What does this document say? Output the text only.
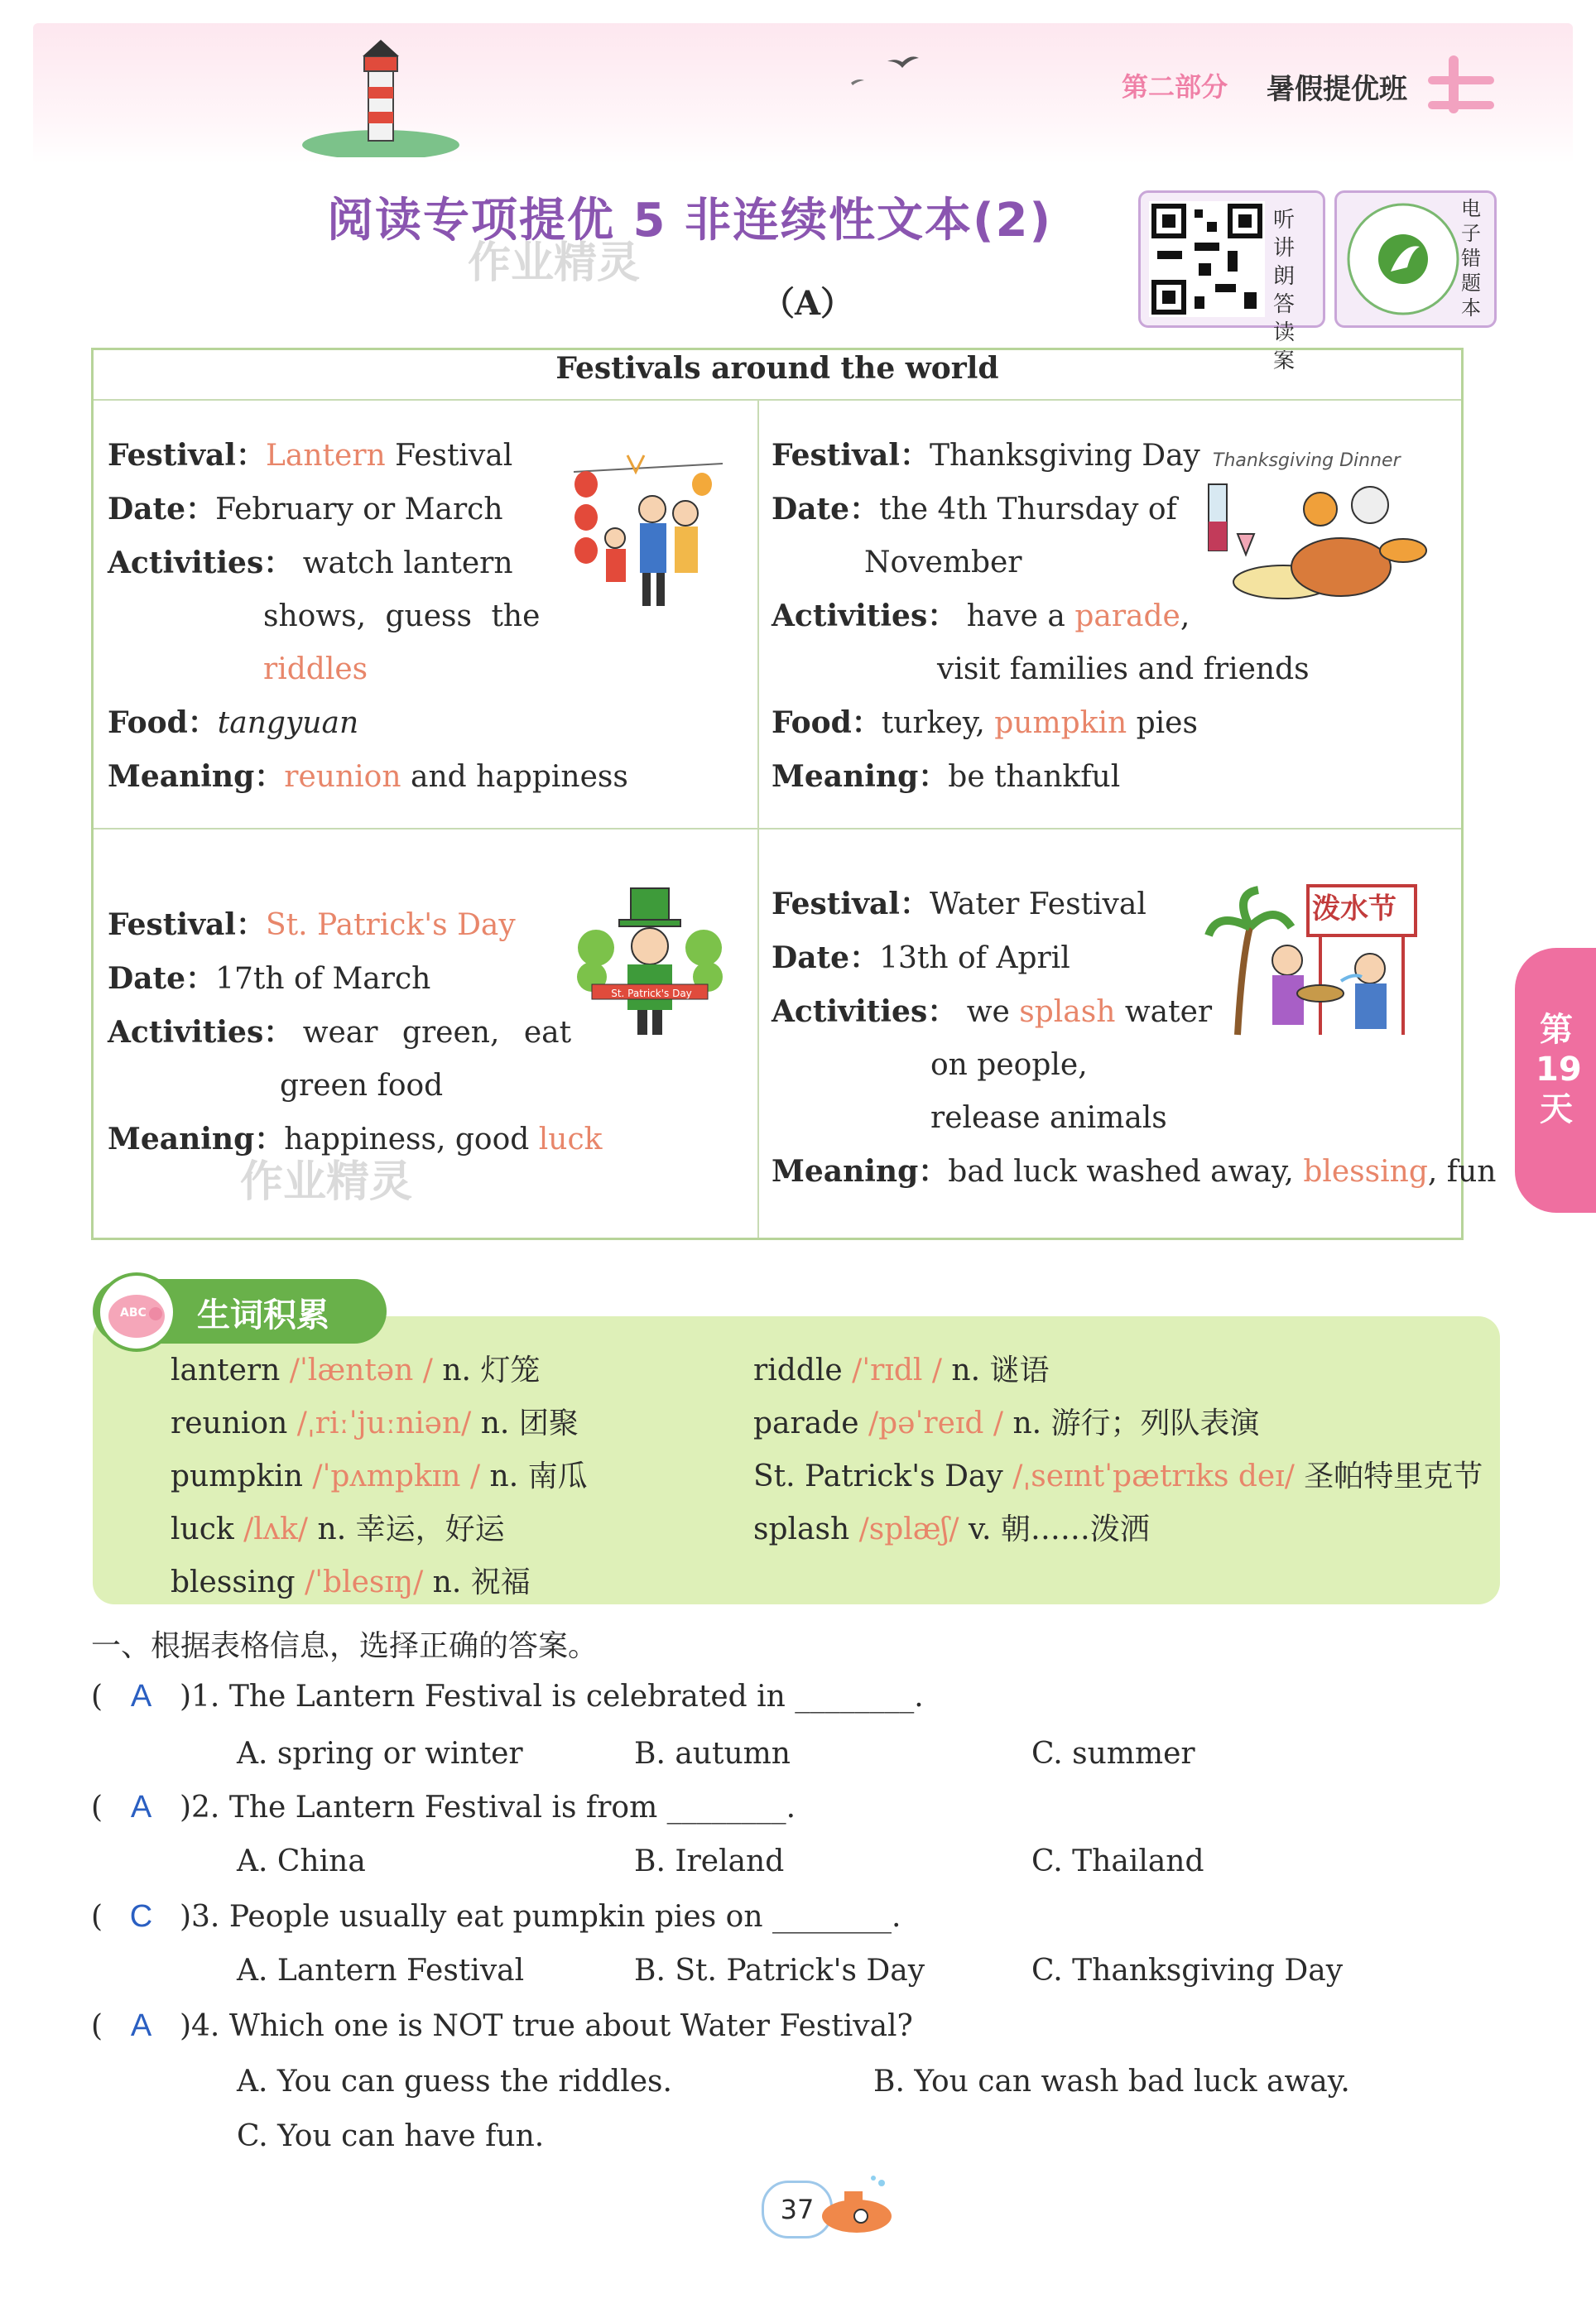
第二部分 暑假提优班
阅读专项提优 5 非连续性文本(2)
作业精灵
（A）
听讲朗答读案
电子错题本
Festivals around the world
Festival：Lantern Festival
Date：February or March
Activities： watch lantern
shows, guess the
riddles
Food：tangyuan
Meaning：reunion and happiness
Festival：Thanksgiving Day
Date：the 4th Thursday of
November
Activities： have a parade,
visit families and friends
Food：turkey, pumpkin pies
Meaning：be thankful
Thanksgiving Dinner
Festival：St. Patrick's Day
Date：17th of March
Activities： wear green, eat
green food
Meaning：happiness, good luck
作业精灵
St. Patrick's Day
Festival：Water Festival
Date：13th of April
Activities： we splash water
on people,
release animals
Meaning：bad luck washed away, blessing, fun
泼水节
ABC 生词积累
lantern /ˈlæntən / n. 灯笼
reunion /ˌriːˈjuːniən/ n. 团聚
pumpkin /ˈpʌmpkɪn / n. 南瓜
luck /lʌk/ n. 幸运，好运
blessing /ˈblesɪŋ/ n. 祝福
riddle /ˈrɪdl / n. 谜语
parade /pəˈreɪd / n. 游行；列队表演
St. Patrick's Day /ˌseɪntˈpætrɪks deɪ/ 圣帕特里克节
splash /splæʃ/ v. 朝……泼洒
一、根据表格信息，选择正确的答案。
( A )1. The Lantern Festival is celebrated in ________.
A. spring or winter	B. autumn	C. summer
( A )2. The Lantern Festival is from ________.
A. China	B. Ireland	C. Thailand
( C )3. People usually eat pumpkin pies on ________.
A. Lantern Festival	B. St. Patrick's Day	C. Thanksgiving Day
( A )4. Which one is NOT true about Water Festival?
A. You can guess the riddles.	B. You can wash bad luck away.
C. You can have fun.
37
第19天
